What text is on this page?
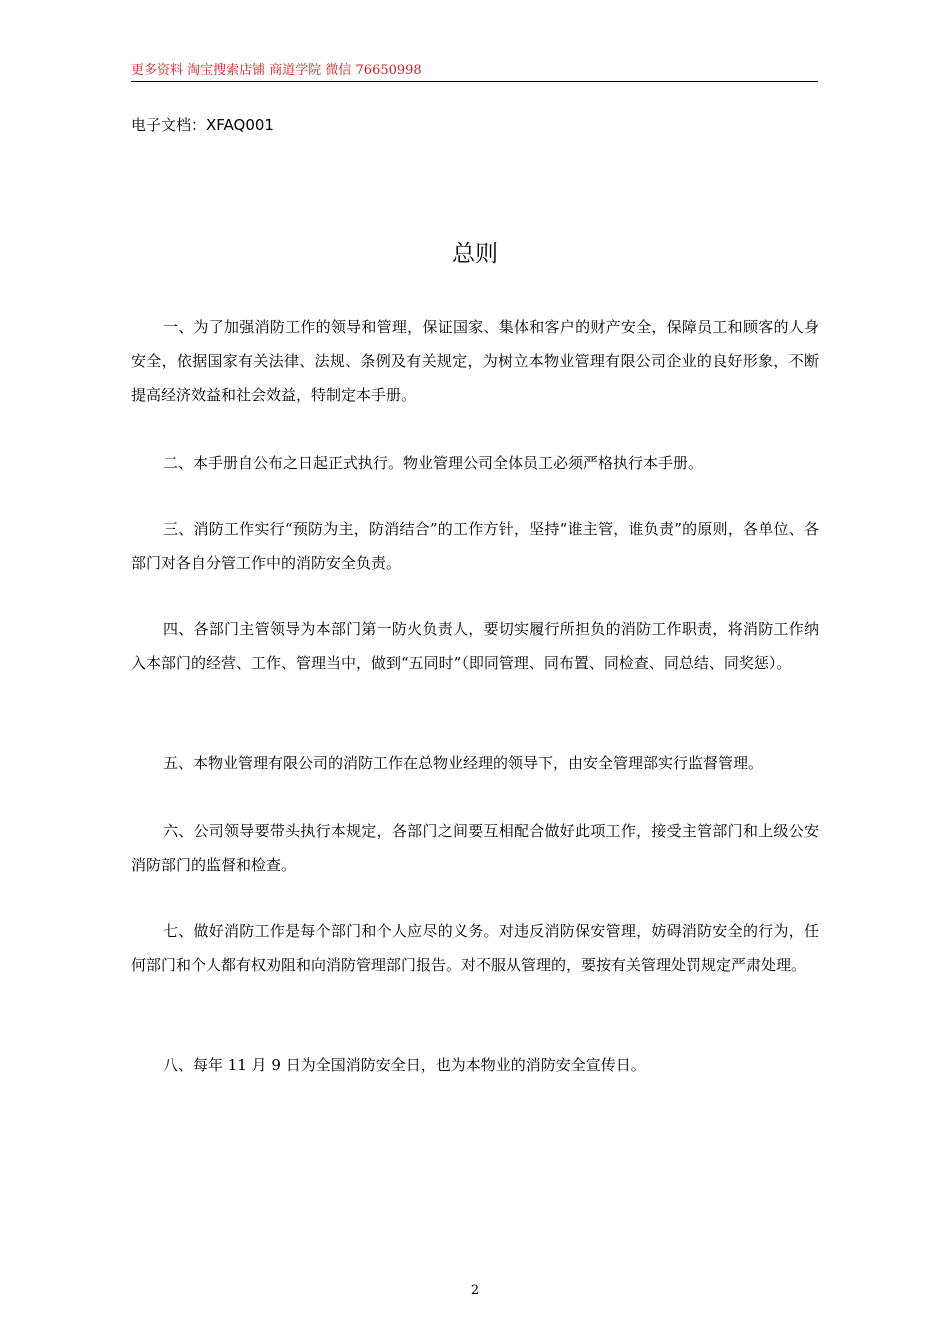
更多资料 淘宝搜索店铺 商道学院 微信 76650998
电子文档：XFAQ001
总则

一、为了加强消防工作的领导和管理，保证国家、集体和客户的财产安全，保障员工和顾客的人身安全，依据国家有关法律、法规、条例及有关规定，为树立本物业管理有限公司企业的良好形象，不断提高经济效益和社会效益，特制定本手册。

二、本手册自公布之日起正式执行。物业管理公司全体员工必须严格执行本手册。

三、消防工作实行“预防为主，防消结合”的工作方针，坚持“谁主管，谁负责”的原则，各单位、各部门对各自分管工作中的消防安全负责。

四、各部门主管领导为本部门第一防火负责人，要切实履行所担负的消防工作职责，将消防工作纳入本部门的经营、工作、管理当中，做到“五同时”（即同管理、同布置、同检查、同总结、同奖惩）。

五、本物业管理有限公司的消防工作在总物业经理的领导下，由安全管理部实行监督管理。

六、公司领导要带头执行本规定，各部门之间要互相配合做好此项工作，接受主管部门和上级公安消防部门的监督和检查。

七、做好消防工作是每个部门和个人应尽的义务。对违反消防保安管理，妨碍消防安全的行为，任何部门和个人都有权劝阻和向消防管理部门报告。对不服从管理的，要按有关管理处罚规定严肃处理。

八、每年 11 月 9 日为全国消防安全日，也为本物业的消防安全宣传日。

2
